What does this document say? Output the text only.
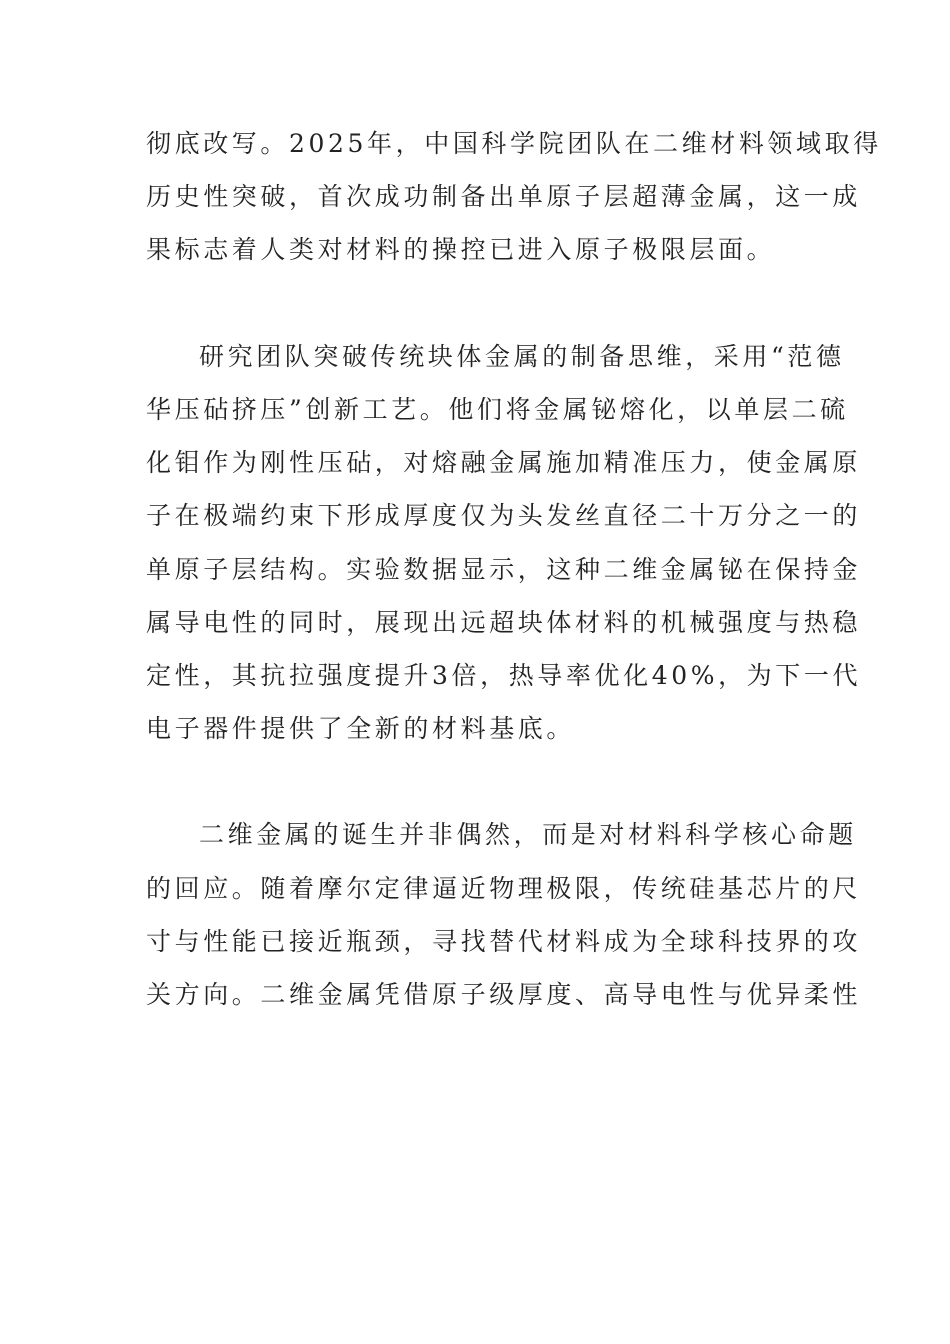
彻底改写。2025年，中国科学院团队在二维材料领域取得
历史性突破，首次成功制备出单原子层超薄金属，这一成
果标志着人类对材料的操控已进入原子极限层面。
研究团队突破传统块体金属的制备思维，采用“范德
华压砧挤压”创新工艺。他们将金属铋熔化，以单层二硫
化钼作为刚性压砧，对熔融金属施加精准压力，使金属原
子在极端约束下形成厚度仅为头发丝直径二十万分之一的
单原子层结构。实验数据显示，这种二维金属铋在保持金
属导电性的同时，展现出远超块体材料的机械强度与热稳
定性，其抗拉强度提升3倍，热导率优化40%，为下一代
电子器件提供了全新的材料基底。
二维金属的诞生并非偶然，而是对材料科学核心命题
的回应。随着摩尔定律逼近物理极限，传统硅基芯片的尺
寸与性能已接近瓶颈，寻找替代材料成为全球科技界的攻
关方向。二维金属凭借原子级厚度、高导电性与优异柔性
